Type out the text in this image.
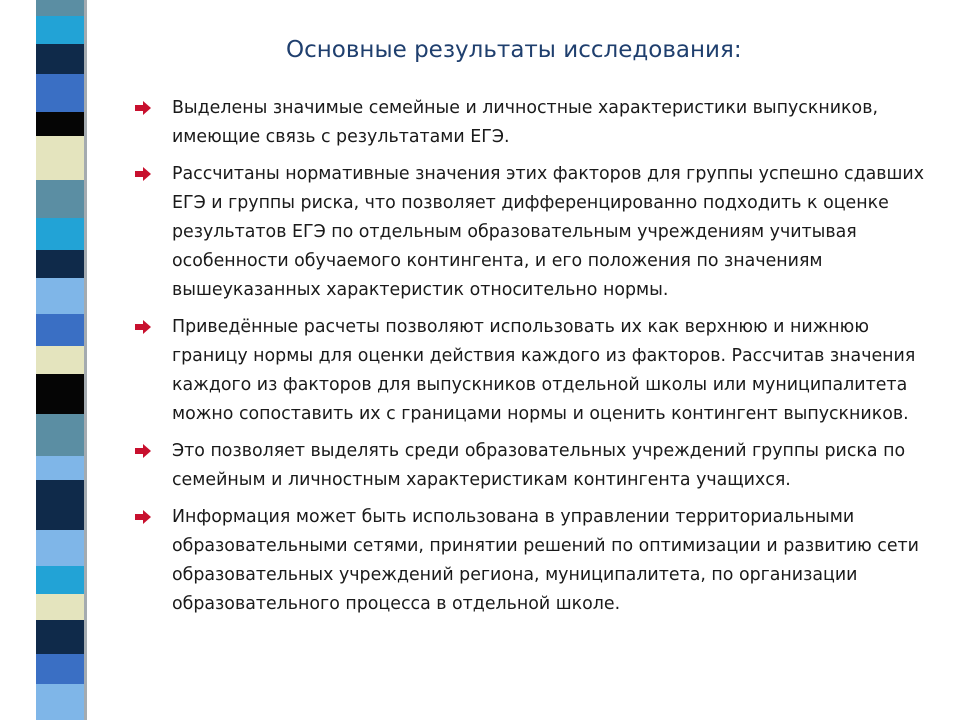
Основные результаты исследования:
Выделены значимые семейные и личностные характеристики выпускников, имеющие связь с результатами ЕГЭ.
Рассчитаны нормативные значения этих факторов для группы успешно сдавших ЕГЭ и группы риска, что позволяет дифференцированно подходить к оценке результатов ЕГЭ по отдельным образовательным учреждениям учитывая особенности обучаемого контингента, и его положения по значениям вышеуказанных характеристик относительно нормы.
Приведённые расчеты позволяют использовать их как верхнюю и нижнюю границу нормы для оценки действия каждого из факторов. Рассчитав значения каждого из факторов для выпускников отдельной школы или муниципалитета можно сопоставить их с границами нормы и оценить контингент выпускников.
Это позволяет выделять среди образовательных учреждений группы риска по семейным и личностным характеристикам контингента учащихся.
Информация может быть использована в управлении территориальными образовательными сетями, принятии решений по оптимизации и развитию сети образовательных учреждений региона, муниципалитета, по организации образовательного процесса в отдельной школе.
